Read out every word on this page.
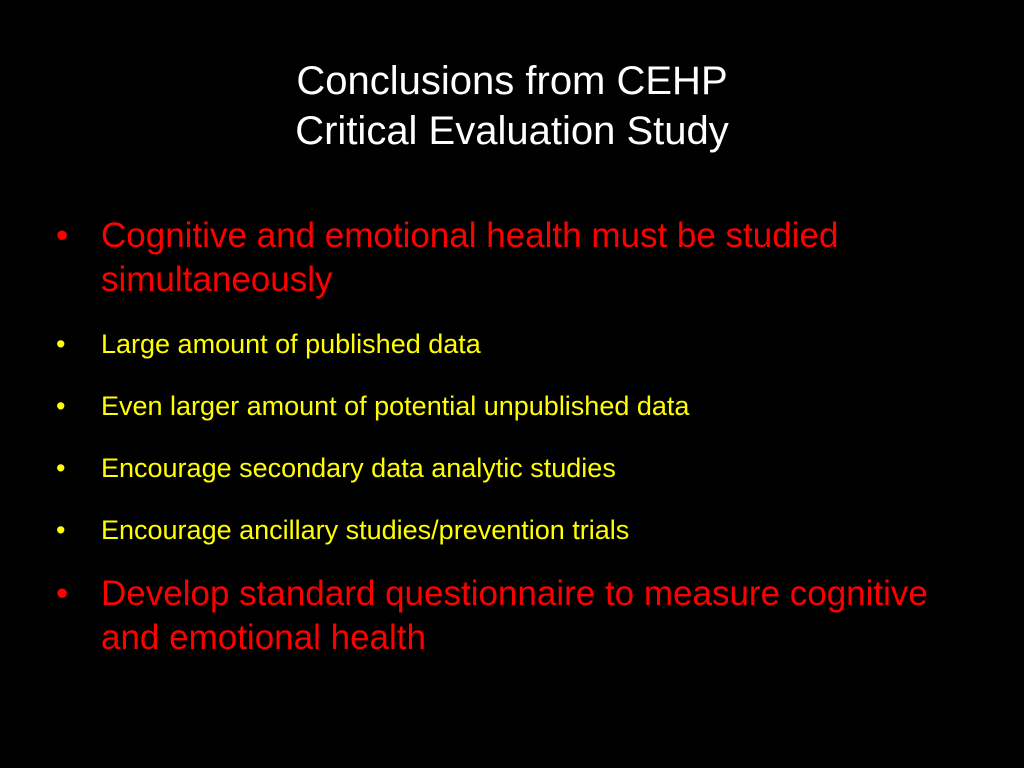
Conclusions from CEHP
Critical Evaluation Study
• Cognitive and emotional health must be studied simultaneously
• Large amount of published data
• Even larger amount of potential unpublished data
• Encourage secondary data analytic studies
• Encourage ancillary studies/prevention trials
• Develop standard questionnaire to measure cognitive and emotional health
